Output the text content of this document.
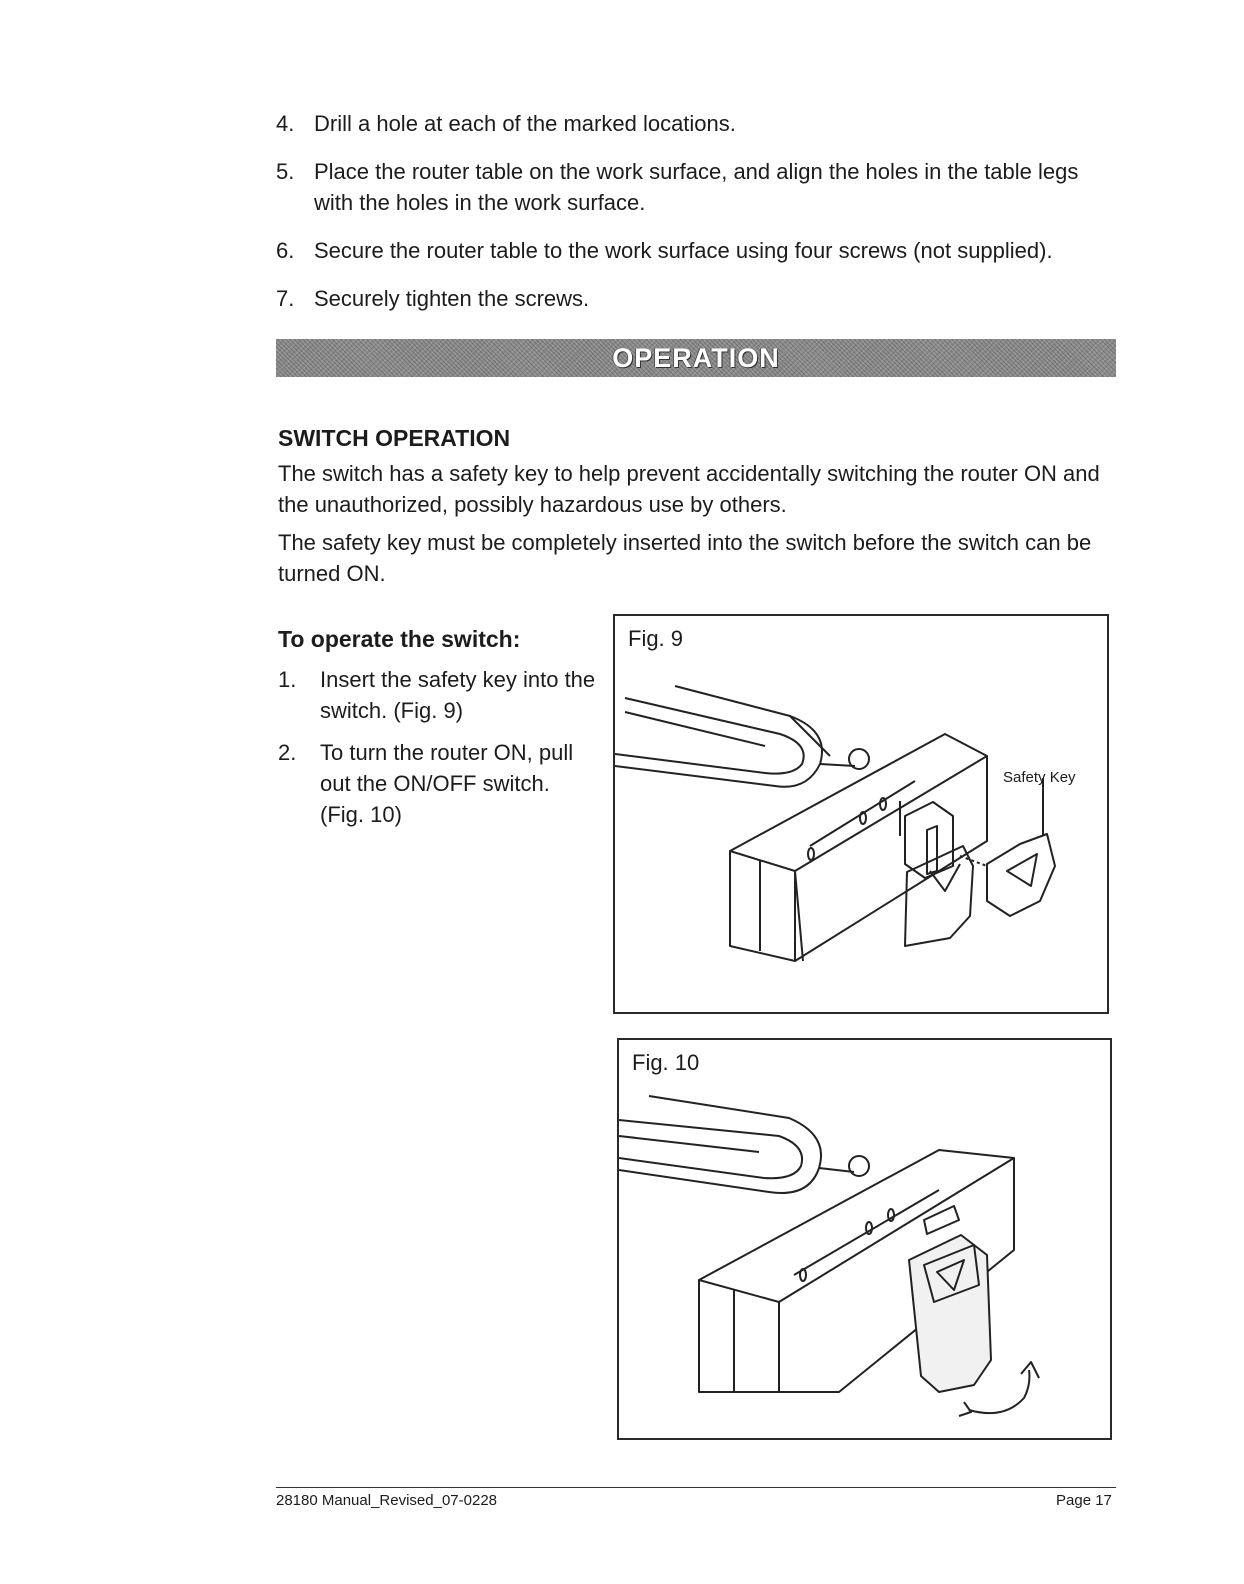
4. Drill a hole at each of the marked locations.
5. Place the router table on the work surface, and align the holes in the table legs with the holes in the work surface.
6. Secure the router table to the work surface using four screws (not supplied).
7. Securely tighten the screws.
OPERATION
SWITCH OPERATION

The switch has a safety key to help prevent accidentally switching the router ON and the unauthorized, possibly hazardous use by others.

The safety key must be completely inserted into the switch before the switch can be turned ON.

To operate the switch:
1.	Insert the safety key into the switch. (Fig. 9)
2.	To turn the router ON, pull out the ON/OFF switch. (Fig. 10)
Fig. 9
Safety Key
Fig. 10
28180 Manual_Revised_07-0228	Page 17
